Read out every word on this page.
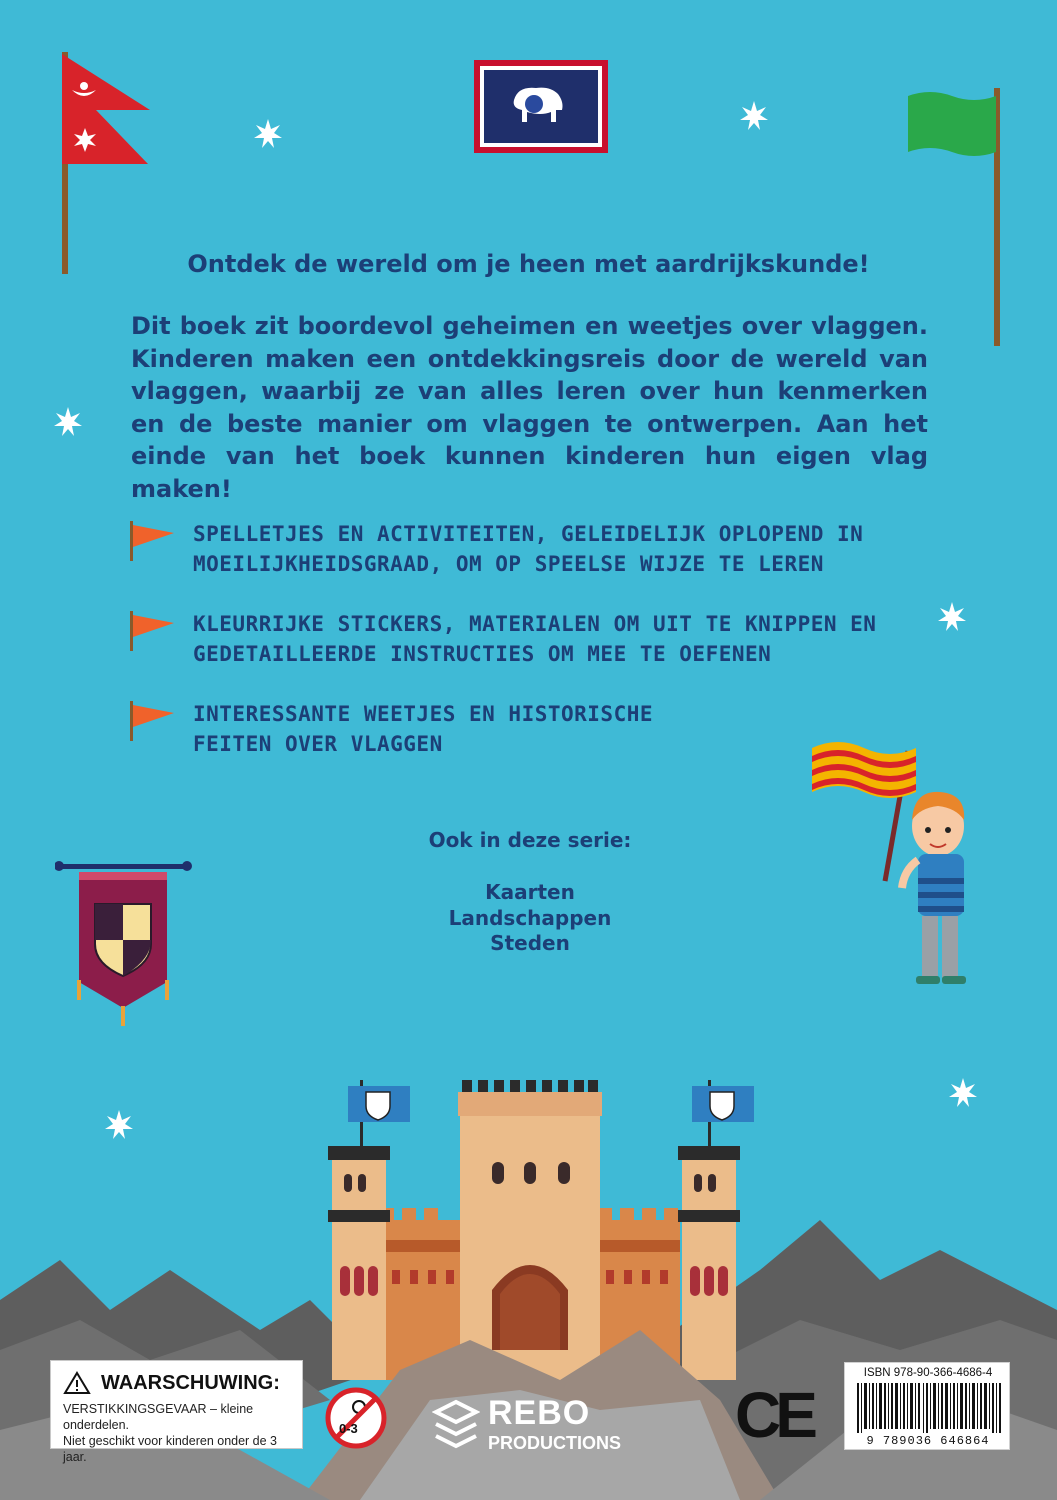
Ontdek de wereld om je heen met aardrijkskunde!
Dit boek zit boordevol geheimen en weetjes over vlaggen. Kinderen maken een ontdekkingsreis door de wereld van vlaggen, waarbij ze van alles leren over hun kenmerken en de beste manier om vlaggen te ontwerpen. Aan het einde van het boek kunnen kinderen hun eigen vlag maken!
SPELLETJES EN ACTIVITEITEN, GELEIDELIJK OPLOPEND IN
MOEILIJKHEIDSGRAAD, OM OP SPEELSE WIJZE TE LEREN
KLEURRIJKE STICKERS, MATERIALEN OM UIT TE KNIPPEN EN
GEDETAILLEERDE INSTRUCTIES OM MEE TE OEFENEN
INTERESSANTE WEETJES EN HISTORISCHE
FEITEN OVER VLAGGEN
Ook in deze serie:
Kaarten
Landschappen
Steden
WAARSCHUWING:
VERSTIKKINGSGEVAAR – kleine onderdelen.
Niet geschikt voor kinderen onder de 3 jaar.
0-3	REBO
PRODUCTIONS CE
ISBN 978-90-366-4686-4
9 789036 646864
